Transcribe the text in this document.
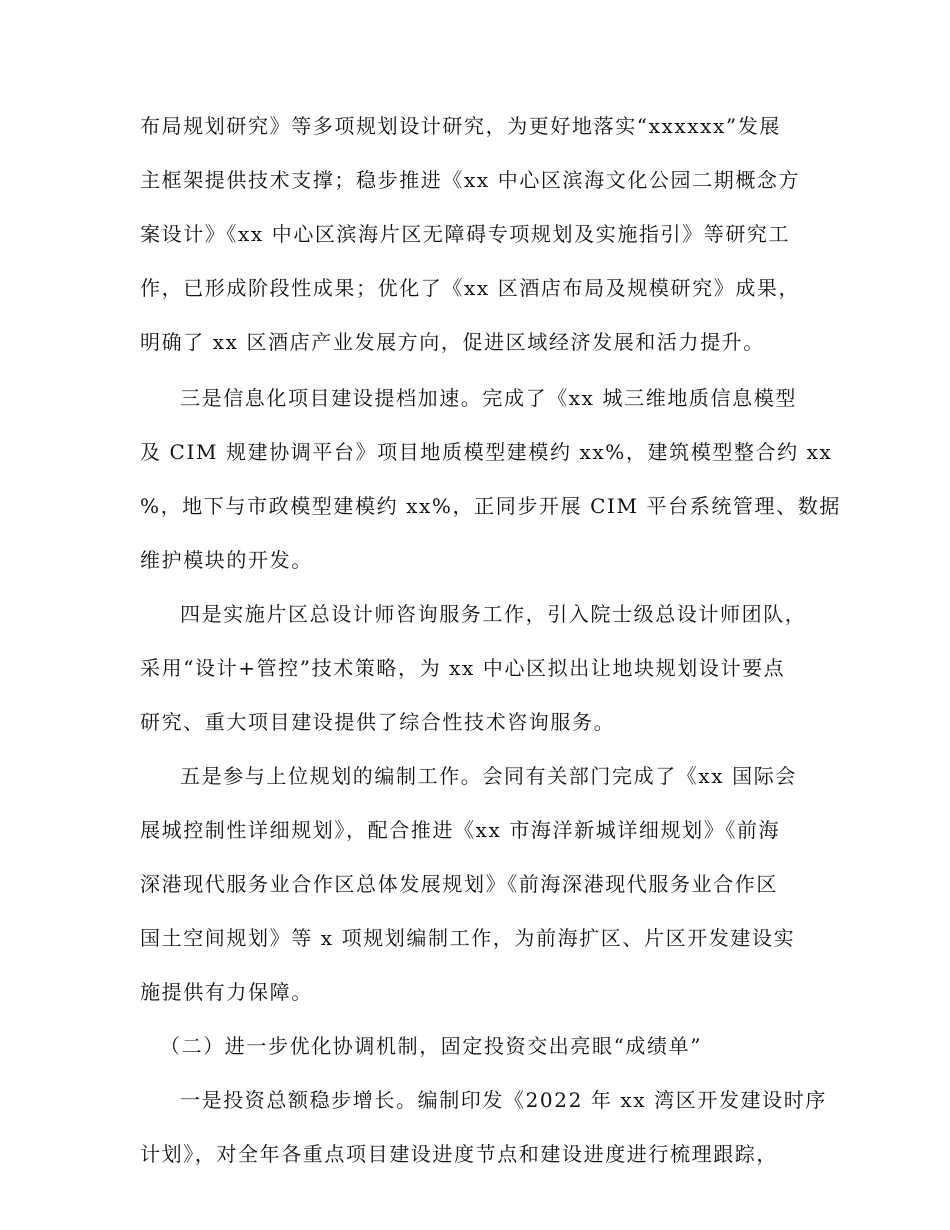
布局规划研究》等多项规划设计研究，为更好地落实“xxxxxx”发展
主框架提供技术支撑；稳步推进《xx 中心区滨海文化公园二期概念方
案设计》《xx 中心区滨海片区无障碍专项规划及实施指引》等研究工
作，已形成阶段性成果；优化了《xx 区酒店布局及规模研究》成果，
明确了 xx 区酒店产业发展方向，促进区域经济发展和活力提升。
三是信息化项目建设提档加速。完成了《xx 城三维地质信息模型
及 CIM 规建协调平台》项目地质模型建模约 xx%，建筑模型整合约 xx
%，地下与市政模型建模约 xx%，正同步开展 CIM 平台系统管理、数据
维护模块的开发。
四是实施片区总设计师咨询服务工作，引入院士级总设计师团队，
采用“设计+管控”技术策略，为 xx 中心区拟出让地块规划设计要点
研究、重大项目建设提供了综合性技术咨询服务。
五是参与上位规划的编制工作。会同有关部门完成了《xx 国际会
展城控制性详细规划》，配合推进《xx 市海洋新城详细规划》《前海
深港现代服务业合作区总体发展规划》《前海深港现代服务业合作区
国土空间规划》等 x 项规划编制工作，为前海扩区、片区开发建设实
施提供有力保障。
（二）进一步优化协调机制，固定投资交出亮眼“成绩单”
一是投资总额稳步增长。编制印发《2022 年 xx 湾区开发建设时序
计划》，对全年各重点项目建设进度节点和建设进度进行梳理跟踪，
